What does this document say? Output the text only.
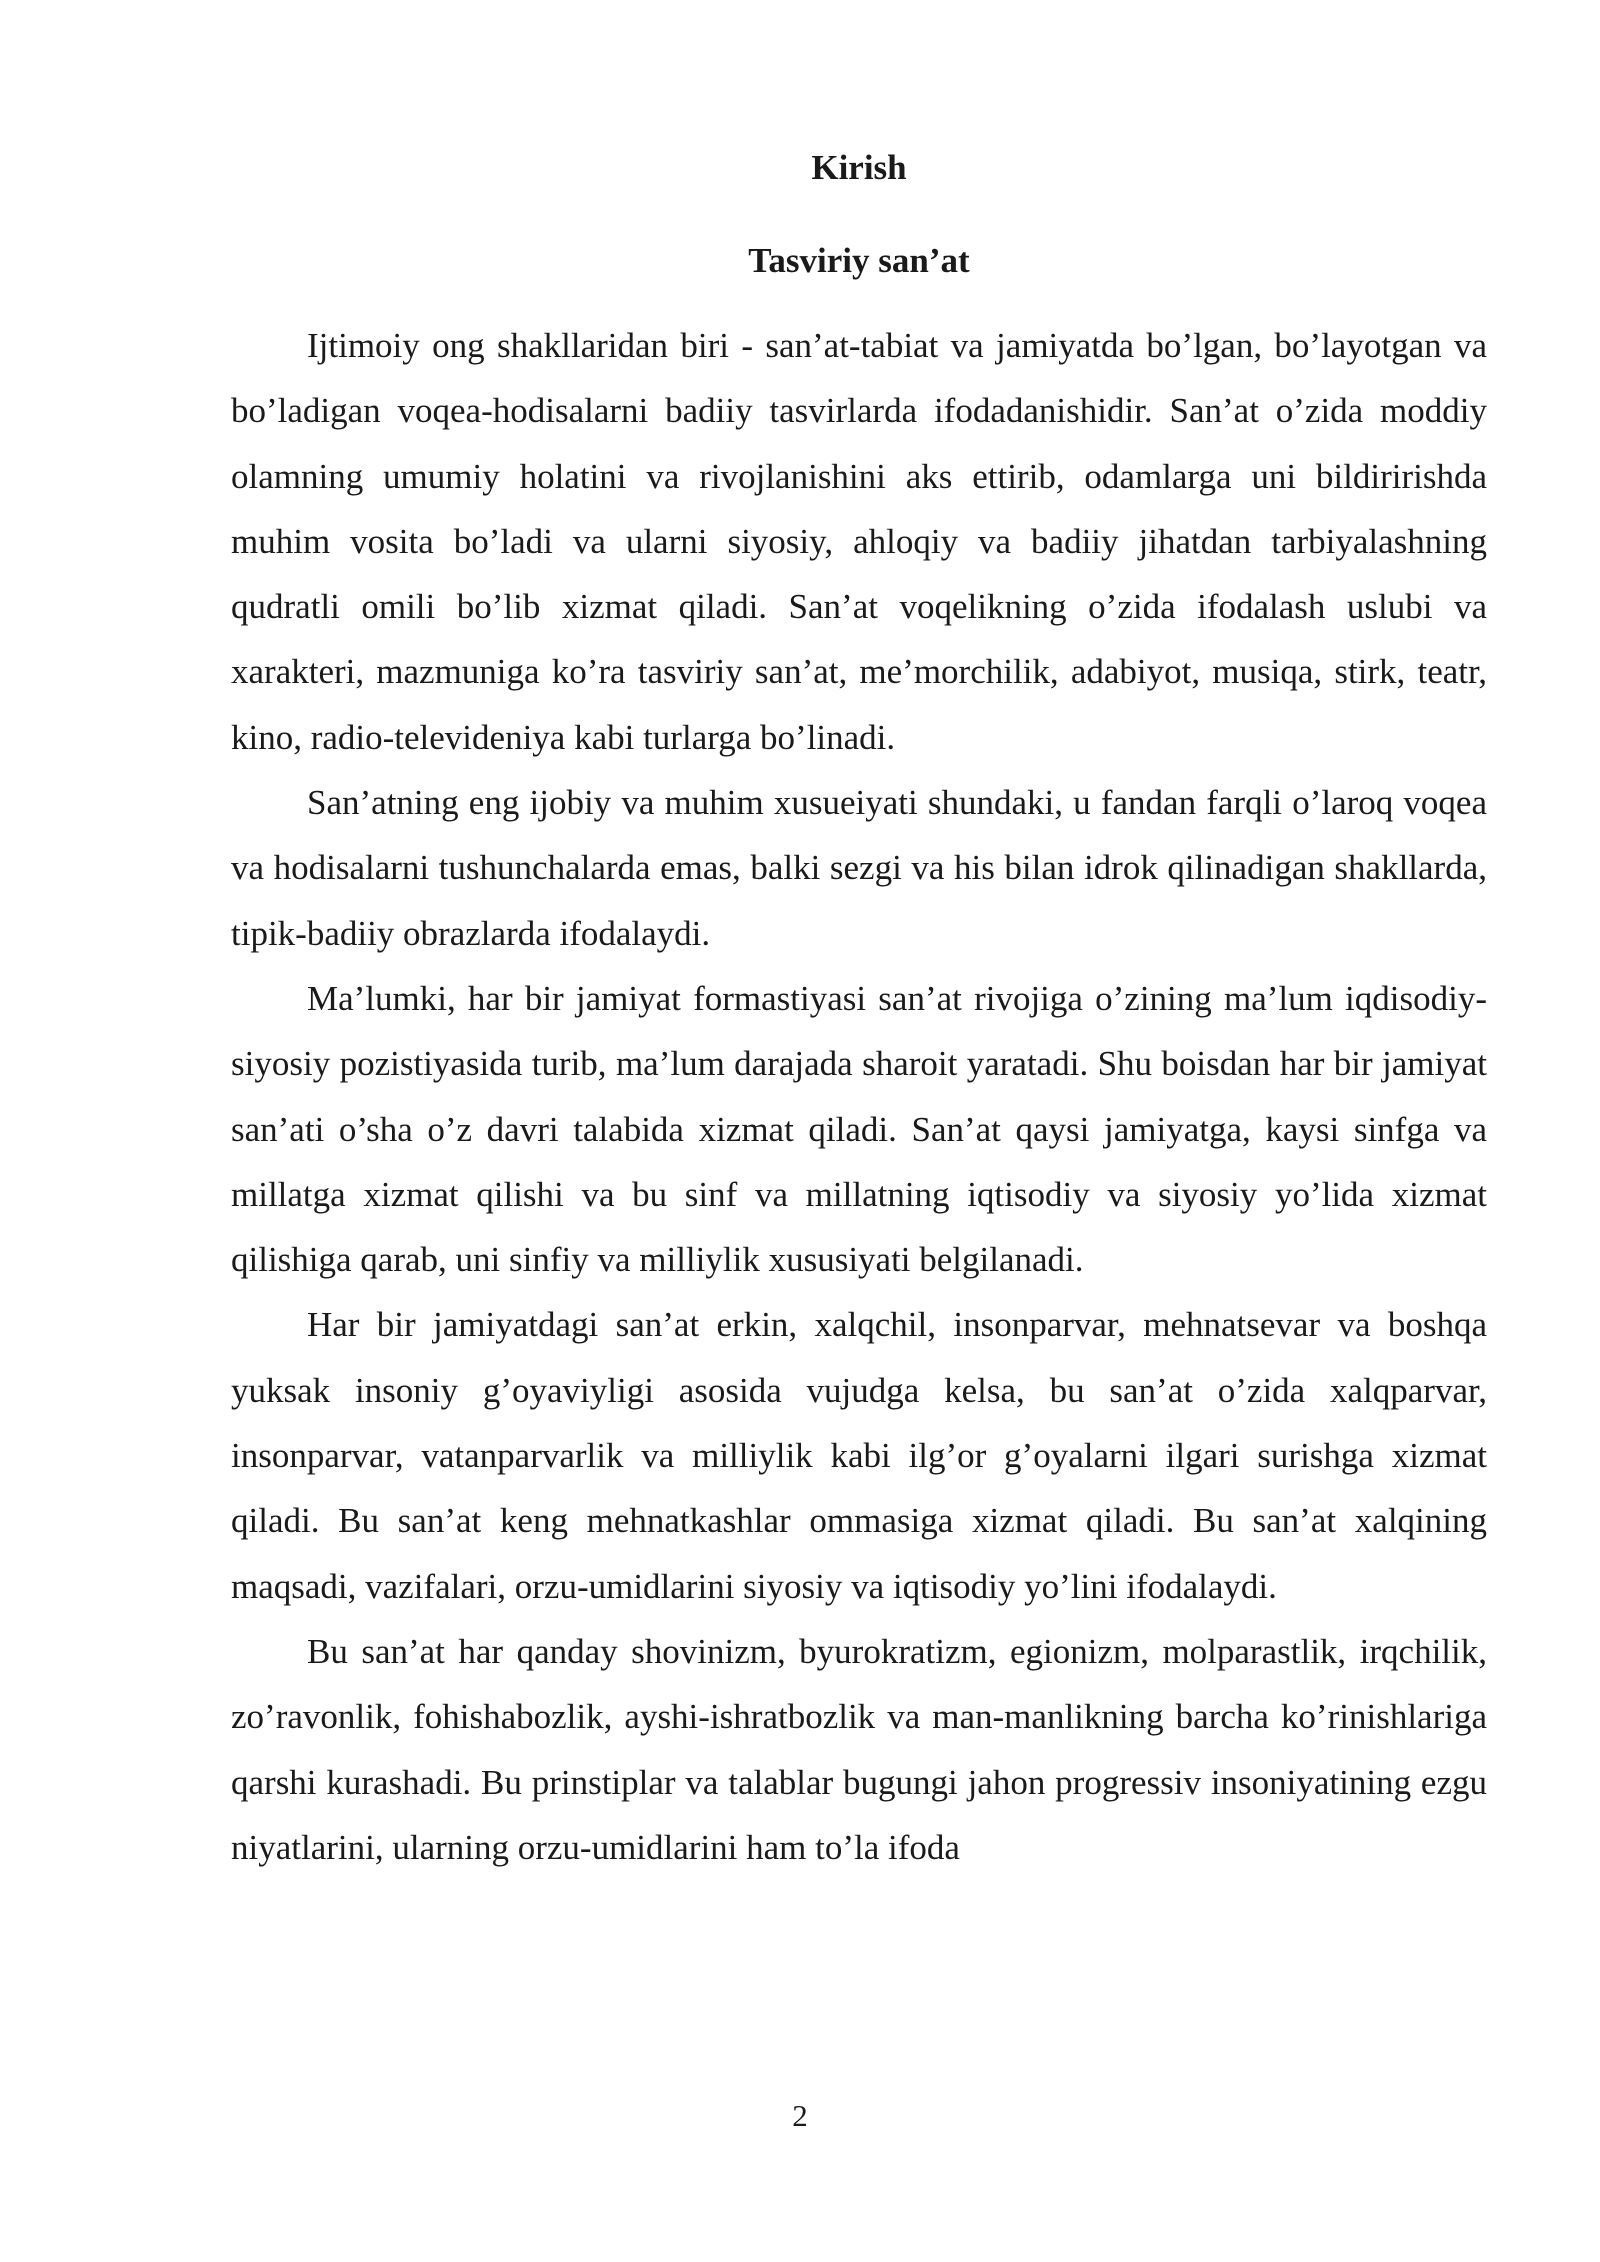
Kirish
Tasviriy san’at

Ijtimoiy ong shakllaridan biri - san’at-tabiat va jamiyatda bo’lgan, bo’layotgan va bo’ladigan voqea-hodisalarni badiiy tasvirlarda ifodadanishidir. San’at o’zida moddiy olamning umumiy holatini va rivojlanishini aks ettirib, odamlarga uni bildiririshda muhim vosita bo’ladi va ularni siyosiy, ahloqiy va badiiy jihatdan tarbiyalashning qudratli omili bo’lib xizmat qiladi. San’at voqelikning o’zida ifodalash uslubi va xarakteri, mazmuniga ko’ra tasviriy san’at, me’morchilik, adabiyot, musiqa, stirk, teatr, kino, radio-televideniya kabi turlarga bo’linadi.

San’atning eng ijobiy va muhim xusueiyati shundaki, u fandan farqli o’laroq voqea va hodisalarni tushunchalarda emas, balki sezgi va his bilan idrok qilinadigan shakllarda, tipik-badiiy obrazlarda ifodalaydi.

Ma’lumki, har bir jamiyat formastiyasi san’at rivojiga o’zining ma’lum iqdisodiy-siyosiy pozistiyasida turib, ma’lum darajada sharoit yaratadi. Shu boisdan har bir jamiyat san’ati o’sha o’z davri talabida xizmat qiladi. San’at qaysi jamiyatga, kaysi sinfga va millatga xizmat qilishi va bu sinf va millatning iqtisodiy va siyosiy yo’lida xizmat qilishiga qarab, uni sinfiy va milliylik xususiyati belgilanadi.

Har bir jamiyatdagi san’at erkin, xalqchil, insonparvar, mehnatsevar va boshqa yuksak insoniy g’oyaviyligi asosida vujudga kelsa, bu san’at o’zida xalqparvar, insonparvar, vatanparvarlik va milliylik kabi ilg’or g’oyalarni ilgari surishga xizmat qiladi. Bu san’at keng mehnatkashlar ommasiga xizmat qiladi. Bu san’at xalqining maqsadi, vazifalari, orzu-umidlarini siyosiy va iqtisodiy yo’lini ifodalaydi.

Bu san’at har qanday shovinizm, byurokratizm, egionizm, molparastlik, irqchilik, zo’ravonlik, fohishabozlik, ayshi-ishratbozlik va man-manlikning barcha ko’rinishlariga qarshi kurashadi. Bu prinstiplar va talablar bugungi jahon progressiv insoniyatining ezgu niyatlarini, ularning orzu-umidlarini ham to’la ifoda

2
